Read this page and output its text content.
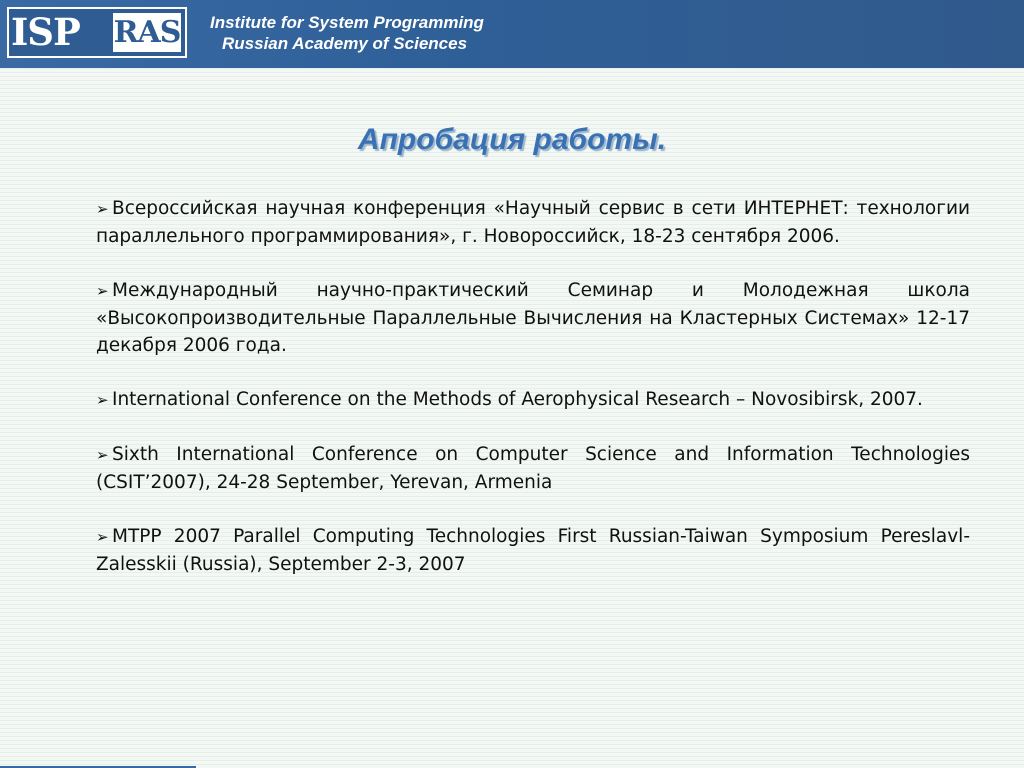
ISP RAS Institute for System Programming
Russian Academy of Sciences
Апробация работы.
➢ Всероссийская научная конференция «Научный сервис в сети ИНТЕРНЕТ: технологии параллельного программирования», г. Новороссийск, 18-23 сентября 2006.
➢ Международный научно-практический Семинар и Молодежная школа «Высокопроизводительные Параллельные Вычисления на Кластерных Системах» 12-17 декабря 2006 года.
➢ International Conference on the Methods of Aerophysical Research – Novosibirsk, 2007.
➢ Sixth International Conference on Computer Science and Information Technologies (CSIT’2007), 24-28 September, Yerevan, Armenia
➢ MTPP 2007 Parallel Computing Technologies First Russian-Taiwan Symposium Pereslavl-Zalesskii (Russia), September 2-3, 2007
